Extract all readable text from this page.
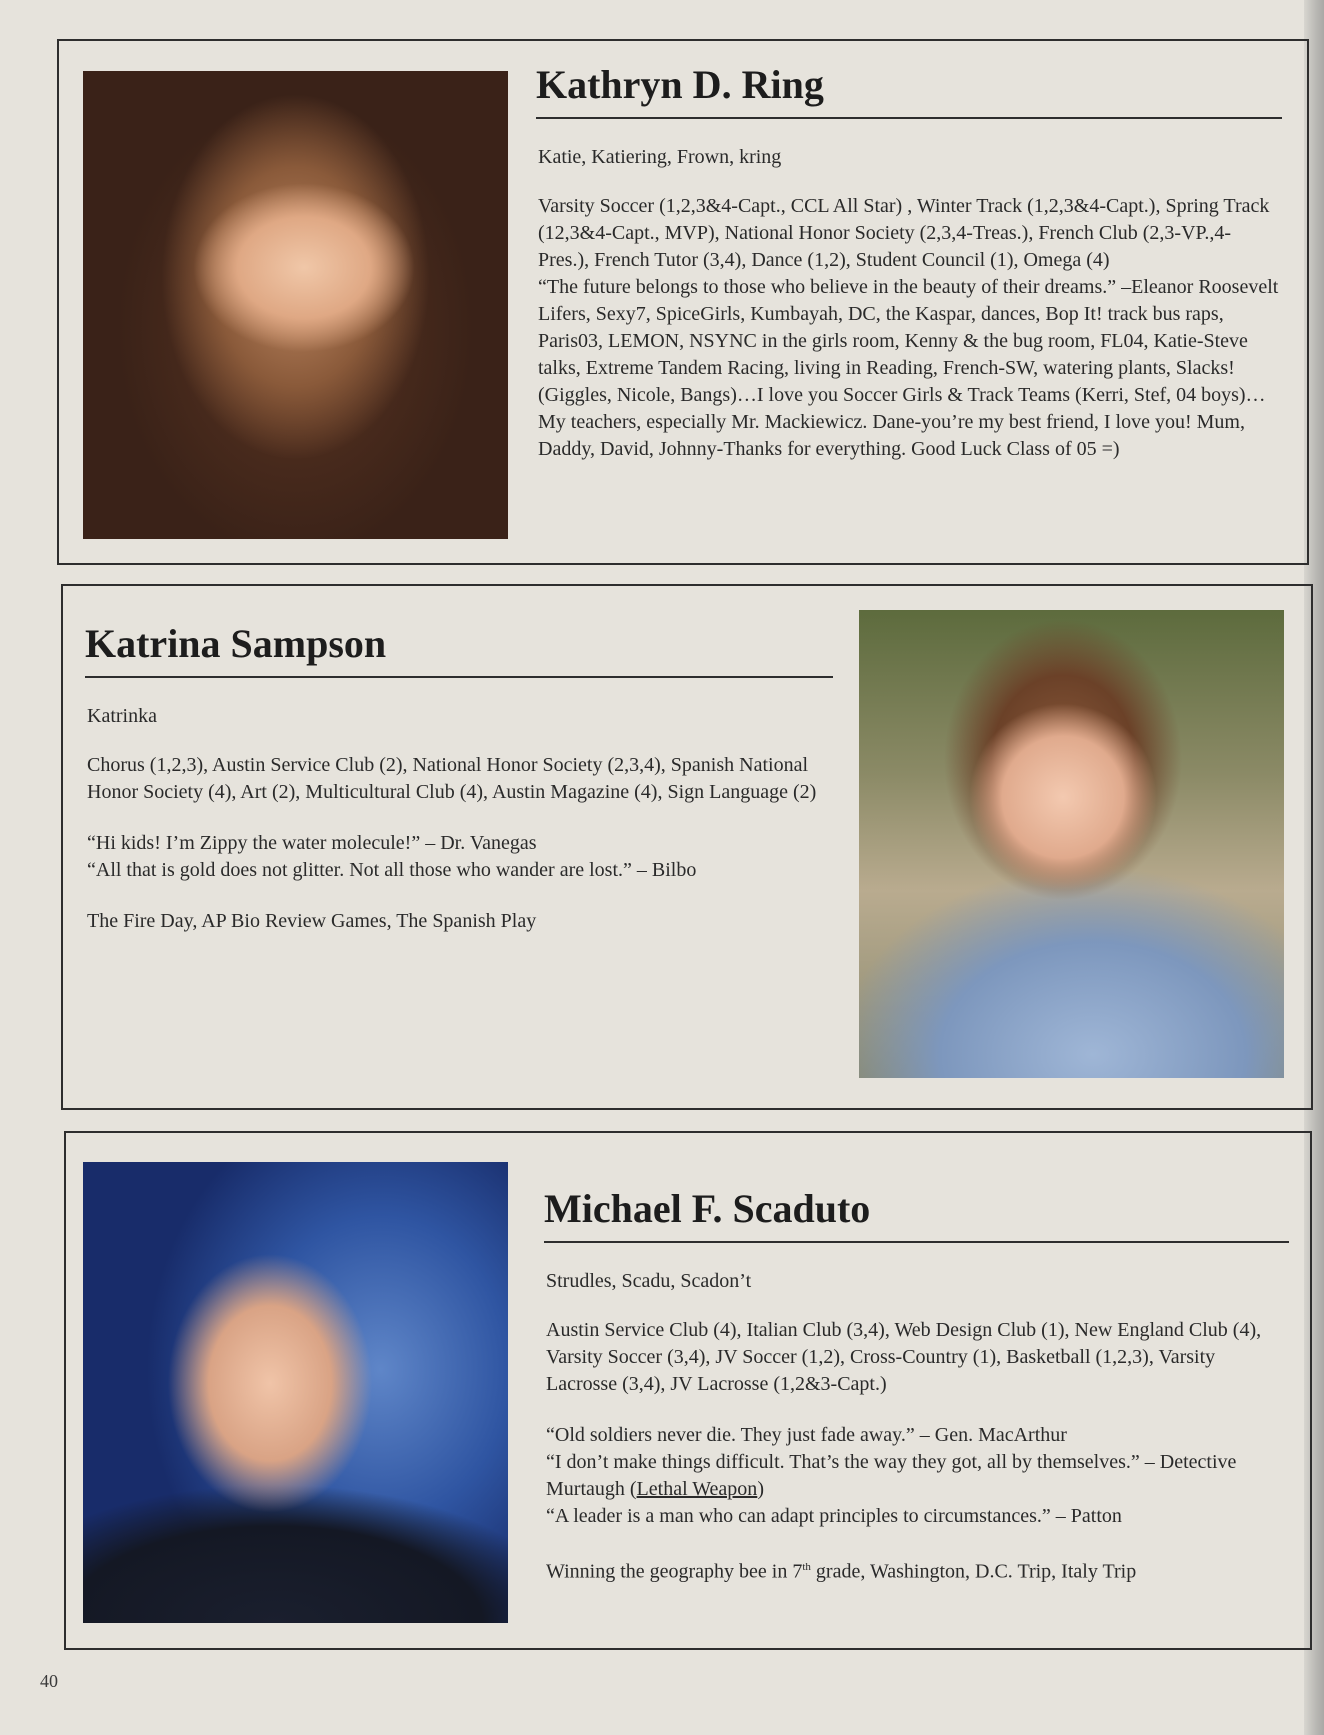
Kathryn D. Ring
Katie, Katiering, Frown, kring
Varsity Soccer (1,2,3&4-Capt., CCL All Star) , Winter Track (1,2,3&4-Capt.), Spring Track (12,3&4-Capt., MVP), National Honor Society (2,3,4-Treas.), French Club (2,3-VP.,4-Pres.), French Tutor (3,4), Dance (1,2), Student Council (1), Omega (4)
“The future belongs to those who believe in the beauty of their dreams.” –Eleanor Roosevelt
Lifers, Sexy7, SpiceGirls, Kumbayah, DC, the Kaspar, dances, Bop It! track bus raps, Paris03, LEMON, NSYNC in the girls room, Kenny & the bug room, FL04, Katie-Steve talks, Extreme Tandem Racing, living in Reading, French-SW, watering plants, Slacks!(Giggles, Nicole, Bangs)…I love you Soccer Girls & Track Teams (Kerri, Stef, 04 boys)…My teachers, especially Mr. Mackiewicz. Dane-you’re my best friend, I love you! Mum, Daddy, David, Johnny-Thanks for everything. Good Luck Class of 05 =)
Katrina Sampson
Katrinka
Chorus (1,2,3), Austin Service Club (2), National Honor Society (2,3,4), Spanish National Honor Society (4), Art (2), Multicultural Club (4), Austin Magazine (4), Sign Language (2)
“Hi kids! I’m Zippy the water molecule!” – Dr. Vanegas
“All that is gold does not glitter. Not all those who wander are lost.” – Bilbo
The Fire Day, AP Bio Review Games, The Spanish Play
Michael F. Scaduto
Strudles, Scadu, Scadon’t
Austin Service Club (4), Italian Club (3,4), Web Design Club (1), New England Club (4), Varsity Soccer (3,4), JV Soccer (1,2), Cross-Country (1), Basketball (1,2,3), Varsity Lacrosse (3,4), JV Lacrosse (1,2&3-Capt.)
“Old soldiers never die. They just fade away.” – Gen. MacArthur
“I don’t make things difficult. That’s the way they got, all by themselves.” – Detective Murtaugh (Lethal Weapon)
“A leader is a man who can adapt principles to circumstances.” – Patton
Winning the geography bee in 7th grade, Washington, D.C. Trip, Italy Trip
40
